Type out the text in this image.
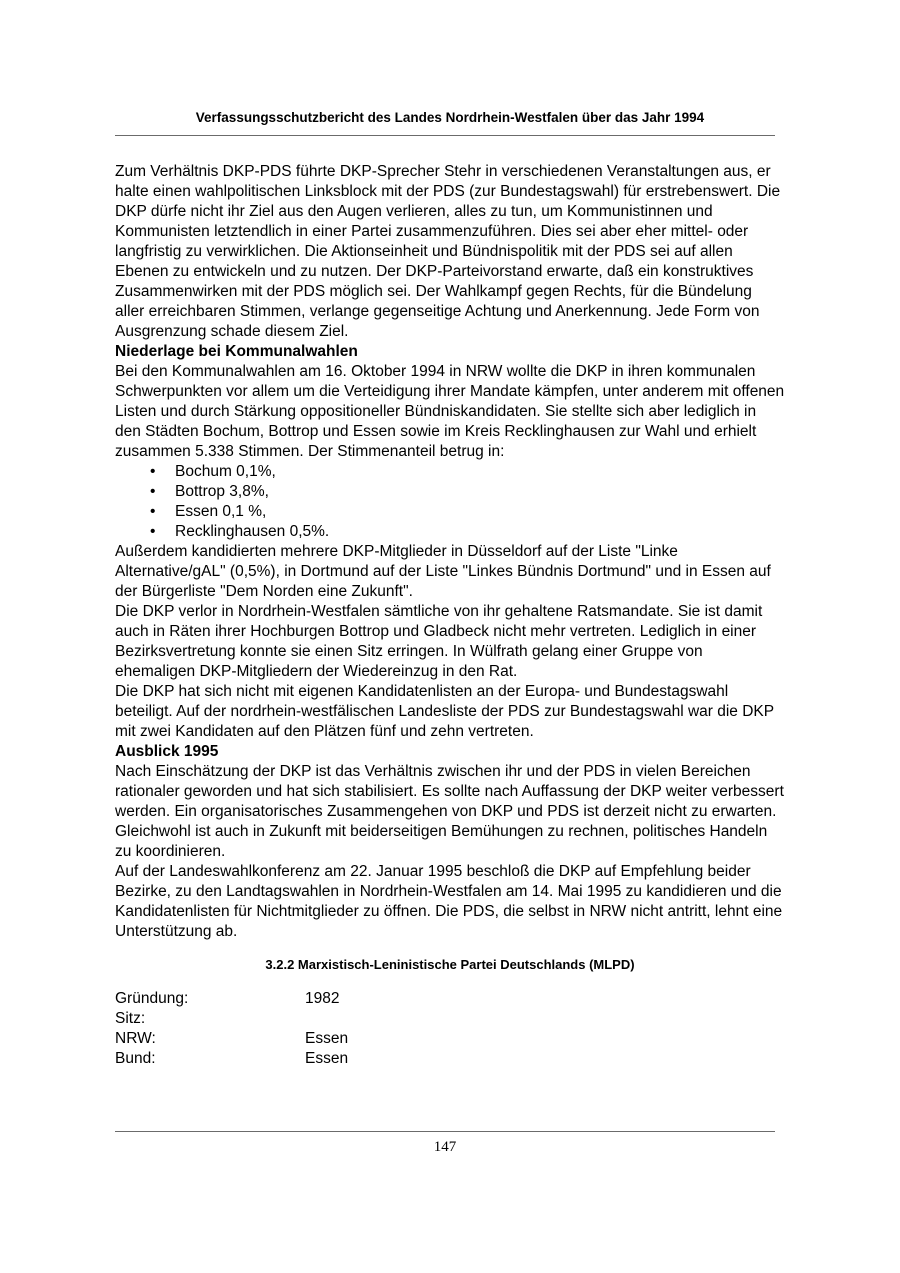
Verfassungsschutzbericht des Landes Nordrhein-Westfalen über das Jahr 1994

Zum Verhältnis DKP-PDS führte DKP-Sprecher Stehr in verschiedenen Veranstaltungen aus, er halte einen wahlpolitischen Linksblock mit der PDS (zur Bundestagswahl) für erstrebenswert. Die DKP dürfe nicht ihr Ziel aus den Augen verlieren, alles zu tun, um Kommunistinnen und Kommunisten letztendlich in einer Partei zusammenzuführen. Dies sei aber eher mittel- oder langfristig zu verwirklichen. Die Aktionseinheit und Bündnispolitik mit der PDS sei auf allen Ebenen zu entwickeln und zu nutzen. Der DKP-Parteivorstand erwarte, daß ein konstruktives Zusammenwirken mit der PDS möglich sei. Der Wahlkampf gegen Rechts, für die Bündelung aller erreichbaren Stimmen, verlange gegenseitige Achtung und Anerkennung. Jede Form von Ausgrenzung schade diesem Ziel.

Niederlage bei Kommunalwahlen

Bei den Kommunalwahlen am 16. Oktober 1994 in NRW wollte die DKP in ihren kommunalen Schwerpunkten vor allem um die Verteidigung ihrer Mandate kämpfen, unter anderem mit offenen Listen und durch Stärkung oppositioneller Bündniskandidaten. Sie stellte sich aber lediglich in den Städten Bochum, Bottrop und Essen sowie im Kreis Recklinghausen zur Wahl und erhielt zusammen 5.338 Stimmen. Der Stimmenanteil betrug in:

• Bochum 0,1%,
• Bottrop 3,8%,
• Essen 0,1 %,
• Recklinghausen 0,5%.

Außerdem kandidierten mehrere DKP-Mitglieder in Düsseldorf auf der Liste "Linke Alternative/gAL" (0,5%), in Dortmund auf der Liste "Linkes Bündnis Dortmund" und in Essen auf der Bürgerliste "Dem Norden eine Zukunft".

Die DKP verlor in Nordrhein-Westfalen sämtliche von ihr gehaltene Ratsmandate. Sie ist damit auch in Räten ihrer Hochburgen Bottrop und Gladbeck nicht mehr vertreten. Lediglich in einer Bezirksvertretung konnte sie einen Sitz erringen. In Wülfrath gelang einer Gruppe von ehemaligen DKP-Mitgliedern der Wiedereinzug in den Rat.

Die DKP hat sich nicht mit eigenen Kandidatenlisten an der Europa- und Bundestagswahl beteiligt. Auf der nordrhein-westfälischen Landesliste der PDS zur Bundestagswahl war die DKP mit zwei Kandidaten auf den Plätzen fünf und zehn vertreten.

Ausblick 1995

Nach Einschätzung der DKP ist das Verhältnis zwischen ihr und der PDS in vielen Bereichen rationaler geworden und hat sich stabilisiert. Es sollte nach Auffassung der DKP weiter verbessert werden. Ein organisatorisches Zusammengehen von DKP und PDS ist derzeit nicht zu erwarten. Gleichwohl ist auch in Zukunft mit beiderseitigen Bemühungen zu rechnen, politisches Handeln zu koordinieren.

Auf der Landeswahlkonferenz am 22. Januar 1995 beschloß die DKP auf Empfehlung beider Bezirke, zu den Landtagswahlen in Nordrhein-Westfalen am 14. Mai 1995 zu kandidieren und die Kandidatenlisten für Nichtmitglieder zu öffnen. Die PDS, die selbst in NRW nicht antritt, lehnt eine Unterstützung ab.

3.2.2 Marxistisch-Leninistische Partei Deutschlands (MLPD)
Gründung:	1982
Sitz:
NRW:	Essen
Bund:	Essen
147
